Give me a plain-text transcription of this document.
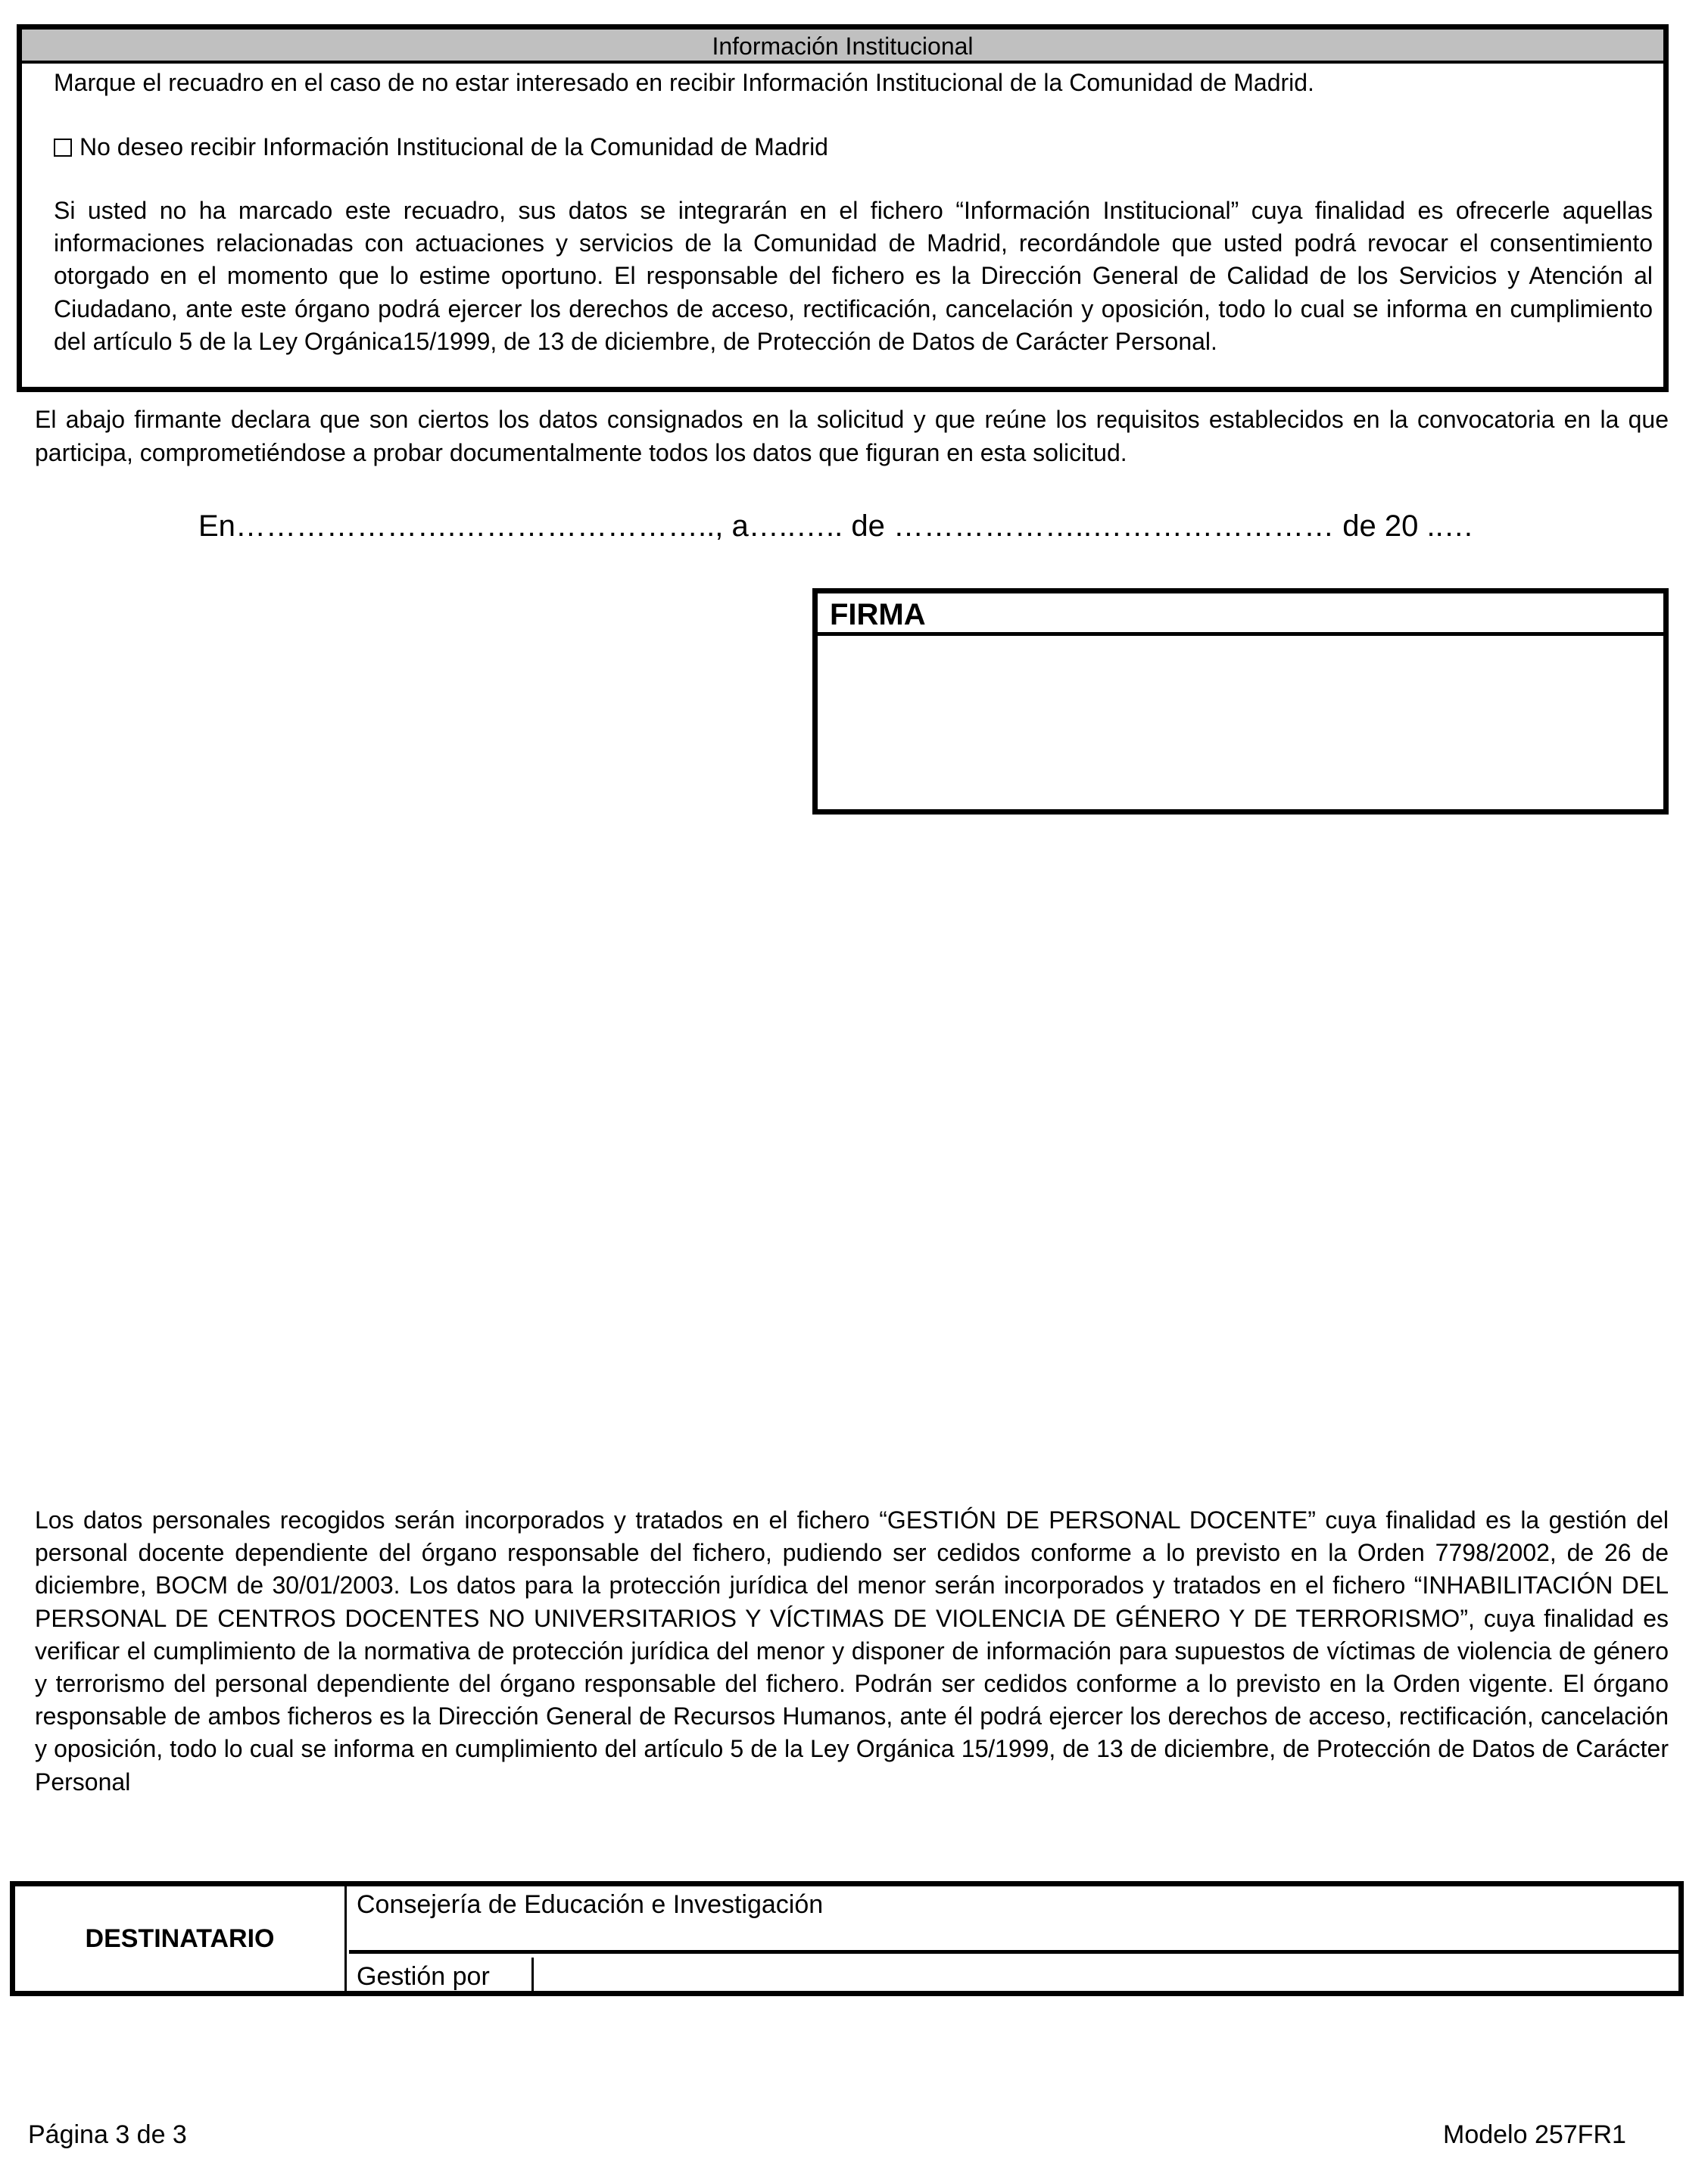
Información Institucional
Marque el recuadro en el caso de no estar interesado en recibir Información Institucional de la Comunidad de Madrid.
No deseo recibir Información Institucional de la Comunidad de Madrid
Si usted no ha marcado este recuadro, sus datos se integrarán en el fichero “Información Institucional” cuya finalidad es ofrecerle aquellas informaciones relacionadas con actuaciones y servicios de la Comunidad de Madrid, recordándole que usted podrá revocar el consentimiento otorgado en el momento que lo estime oportuno. El responsable del fichero es la Dirección General de Calidad de los Servicios y Atención al Ciudadano, ante este órgano podrá ejercer los derechos de acceso, rectificación, cancelación y oposición, todo lo cual se informa en cumplimiento del artículo 5 de la Ley Orgánica15/1999, de 13 de diciembre, de Protección de Datos de Carácter Personal.
El abajo firmante declara que son ciertos los datos consignados en la solicitud y que reúne los requisitos establecidos en la convocatoria en la que participa, comprometiéndose a probar documentalmente todos los datos que figuran en esta solicitud.
En………………….…………………….., a…..….. de ………………..…………………… de 20 ..…
FIRMA
Los datos personales recogidos serán incorporados y tratados en el fichero “GESTIÓN DE PERSONAL DOCENTE” cuya finalidad es la gestión del personal docente dependiente del órgano responsable del fichero, pudiendo ser cedidos conforme a lo previsto en la Orden 7798/2002, de 26 de diciembre, BOCM de 30/01/2003. Los datos para la protección jurídica del menor serán incorporados y tratados en el fichero “INHABILITACIÓN DEL PERSONAL DE CENTROS DOCENTES NO UNIVERSITARIOS Y VÍCTIMAS DE VIOLENCIA DE GÉNERO Y DE TERRORISMO”, cuya finalidad es verificar el cumplimiento de la normativa de protección jurídica del menor y disponer de información para supuestos de víctimas de violencia de género y terrorismo del personal dependiente del órgano responsable del fichero. Podrán ser cedidos conforme a lo previsto en la Orden vigente. El órgano responsable de ambos ficheros es la Dirección General de Recursos Humanos, ante él podrá ejercer los derechos de acceso, rectificación, cancelación y oposición, todo lo cual se informa en cumplimiento del artículo 5 de la Ley Orgánica 15/1999, de 13 de diciembre, de Protección de Datos de Carácter Personal
DESTINATARIO
Consejería de Educación e Investigación
Gestión por
Página 3 de 3	Modelo 257FR1
